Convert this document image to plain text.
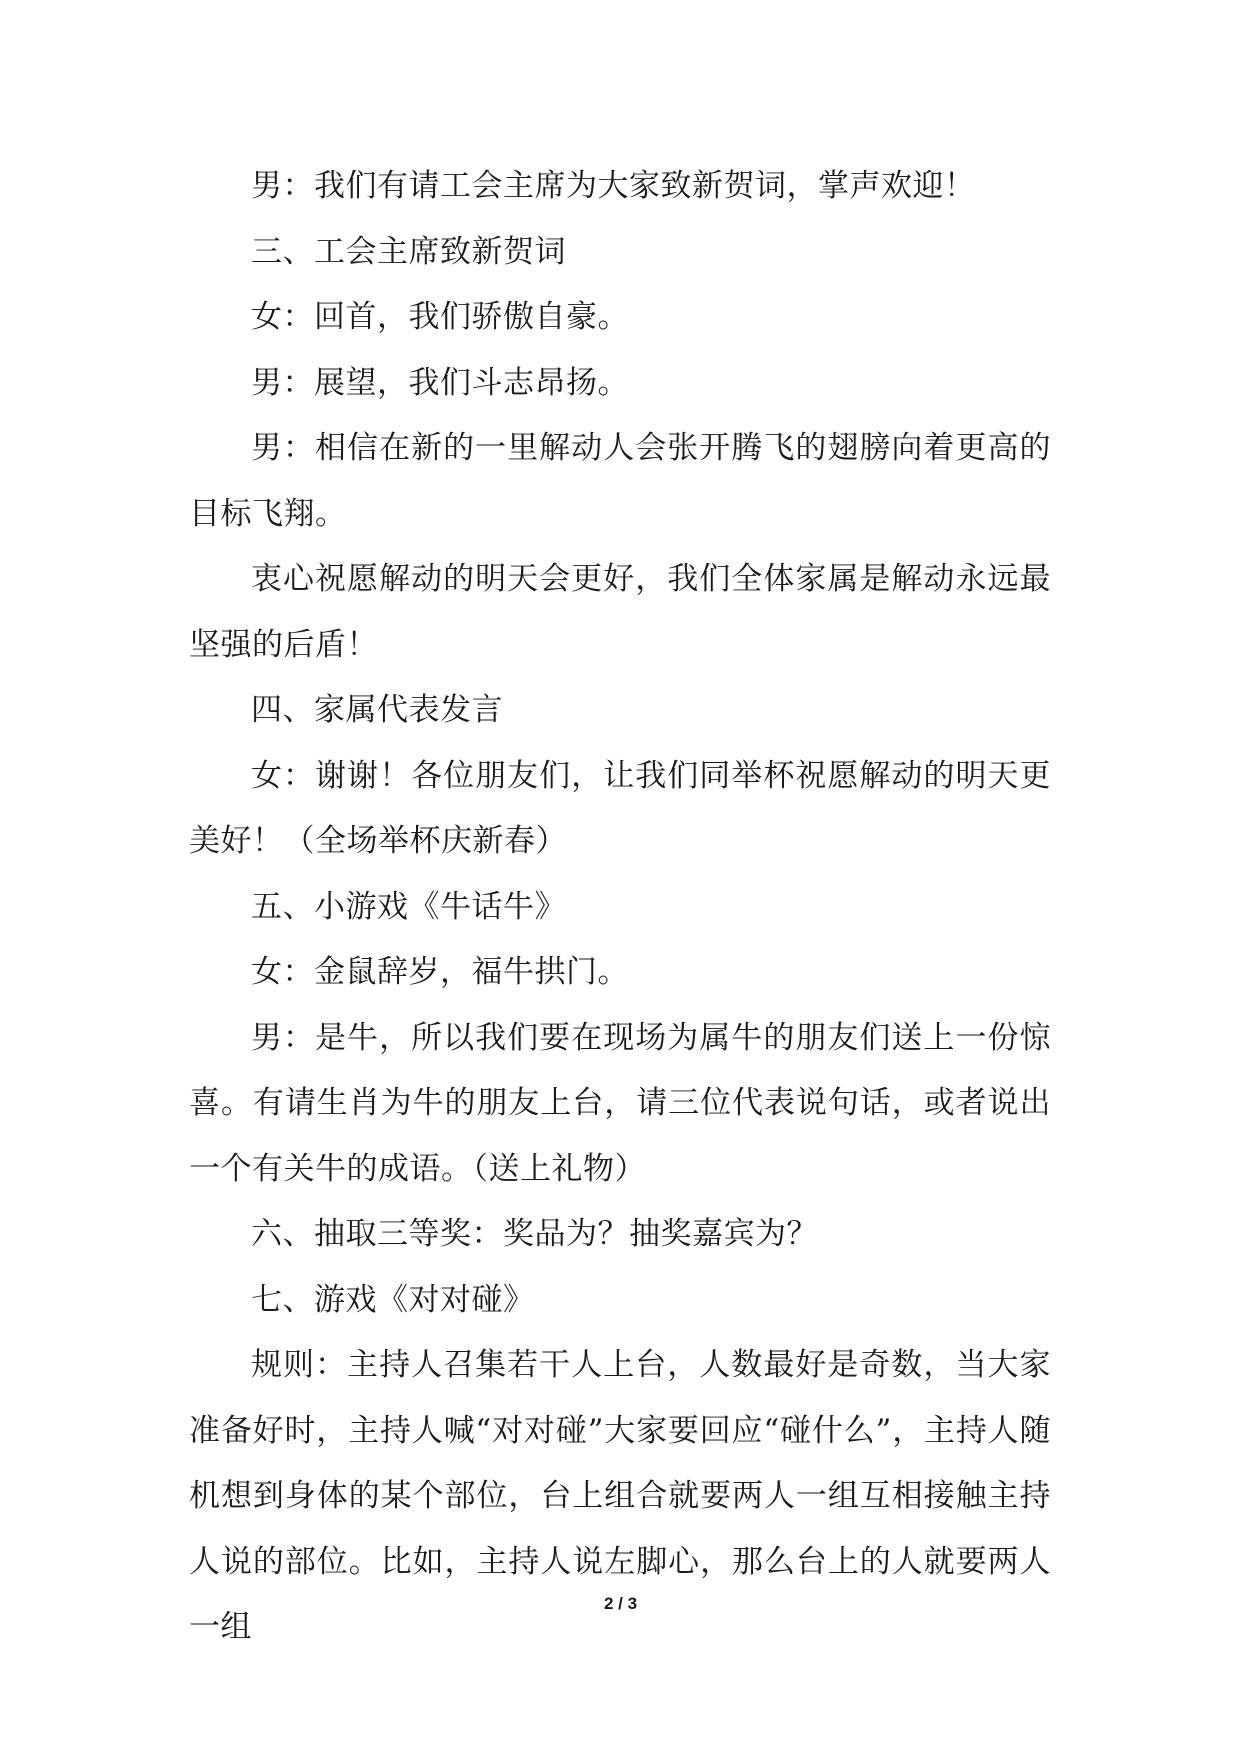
男：我们有请工会主席为大家致新贺词，掌声欢迎！

三、工会主席致新贺词

女：回首，我们骄傲自豪。

男：展望，我们斗志昂扬。

男：相信在新的一里解动人会张开腾飞的翅膀向着更高的目标飞翔。

衷心祝愿解动的明天会更好，我们全体家属是解动永远最坚强的后盾！

四、家属代表发言

女：谢谢！各位朋友们，让我们同举杯祝愿解动的明天更美好！（全场举杯庆新春）

五、小游戏《牛话牛》

女：金鼠辞岁，福牛拱门。

男：是牛，所以我们要在现场为属牛的朋友们送上一份惊喜。有请生肖为牛的朋友上台，请三位代表说句话，或者说出一个有关牛的成语。（送上礼物）

六、抽取三等奖：奖品为？抽奖嘉宾为？

七、游戏《对对碰》

规则：主持人召集若干人上台，人数最好是奇数，当大家准备好时，主持人喊“对对碰”大家要回应“碰什么”，主持人随机想到身体的某个部位，台上组合就要两人一组互相接触主持人说的部位。比如，主持人说左脚心，那么台上的人就要两人一组

2 / 3
